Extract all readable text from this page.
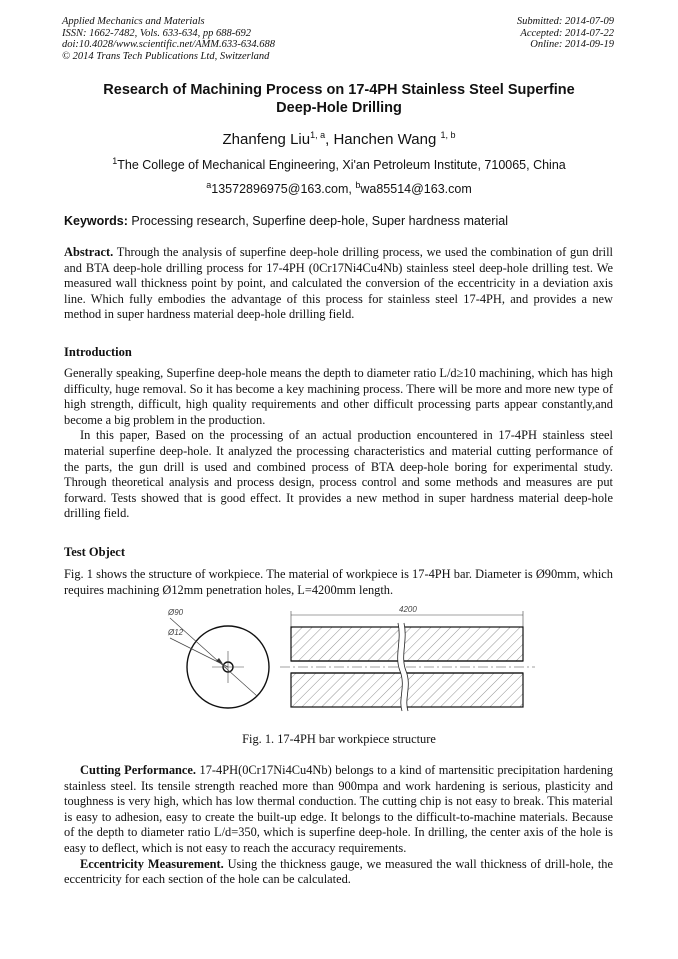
Applied Mechanics and Materials
ISSN: 1662-7482, Vols. 633-634, pp 688-692
doi:10.4028/www.scientific.net/AMM.633-634.688
© 2014 Trans Tech Publications Ltd, Switzerland
Submitted: 2014-07-09
Accepted: 2014-07-22
Online: 2014-09-19
Research of Machining Process on 17-4PH Stainless Steel Superfine
Deep-Hole Drilling
Zhanfeng Liu$^{1, a}$, Hanchen Wang $^{1, b}$
$^1$The College of Mechanical Engineering, Xi'an Petroleum Institute, 710065, China
$^a$13572896975@163.com, $^b$wa85514@163.com
Keywords: Processing research, Superfine deep-hole, Super hardness material

Abstract. Through the analysis of superfine deep-hole drilling process, we used the combination of gun drill and BTA deep-hole drilling process for 17-4PH (0Cr17Ni4Cu4Nb) stainless steel deep-hole drilling test. We measured wall thickness point by point, and calculated the conversion of the eccentricity in a deviation axis line. Which fully embodies the advantage of this process for stainless steel 17-4PH, and provides a new method in super hardness material deep-hole drilling field.

Introduction

Generally speaking, Superfine deep-hole means the depth to diameter ratio L/d≥10 machining, which has high difficulty, huge removal. So it has become a key machining process. There will be more and more new type of high strength, difficult, high quality requirements and other difficult processing parts appear constantly,and become a big problem in the production.

In this paper, Based on the processing of an actual production encountered in 17-4PH stainless steel material superfine deep-hole. It analyzed the processing characteristics and material cutting performance of the parts, the gun drill is used and combined process of BTA deep-hole boring for experimental study. Through theoretical analysis and process design, process control and some methods and measures are put forward. Tests showed that is good effect. It provides a new method in super hardness material deep-hole drilling field.

Test Object

Fig. 1 shows the structure of workpiece. The material of workpiece is 17-4PH bar. Diameter is Ø90mm, which requires machining Ø12mm penetration holes, L=4200mm length.

Ø90
Ø12
4200
Fig. 1. 17-4PH bar workpiece structure

Cutting Performance. 17-4PH(0Cr17Ni4Cu4Nb) belongs to a kind of martensitic precipitation hardening stainless steel. Its tensile strength reached more than 900mpa and work hardening is serious, plasticity and toughness is very high, which has low thermal conduction. The cutting chip is not easy to break. This material is easy to adhesion, easy to create the built-up edge. It belongs to the difficult-to-machine materials. Because of the depth to diameter ratio L/d=350, which is superfine deep-hole. In drilling, the center axis of the hole is easy to deflect, which is not easy to reach the accuracy requirements.

Eccentricity Measurement. Using the thickness gauge, we measured the wall thickness of drill-hole, the eccentricity for each section of the hole can be calculated.
